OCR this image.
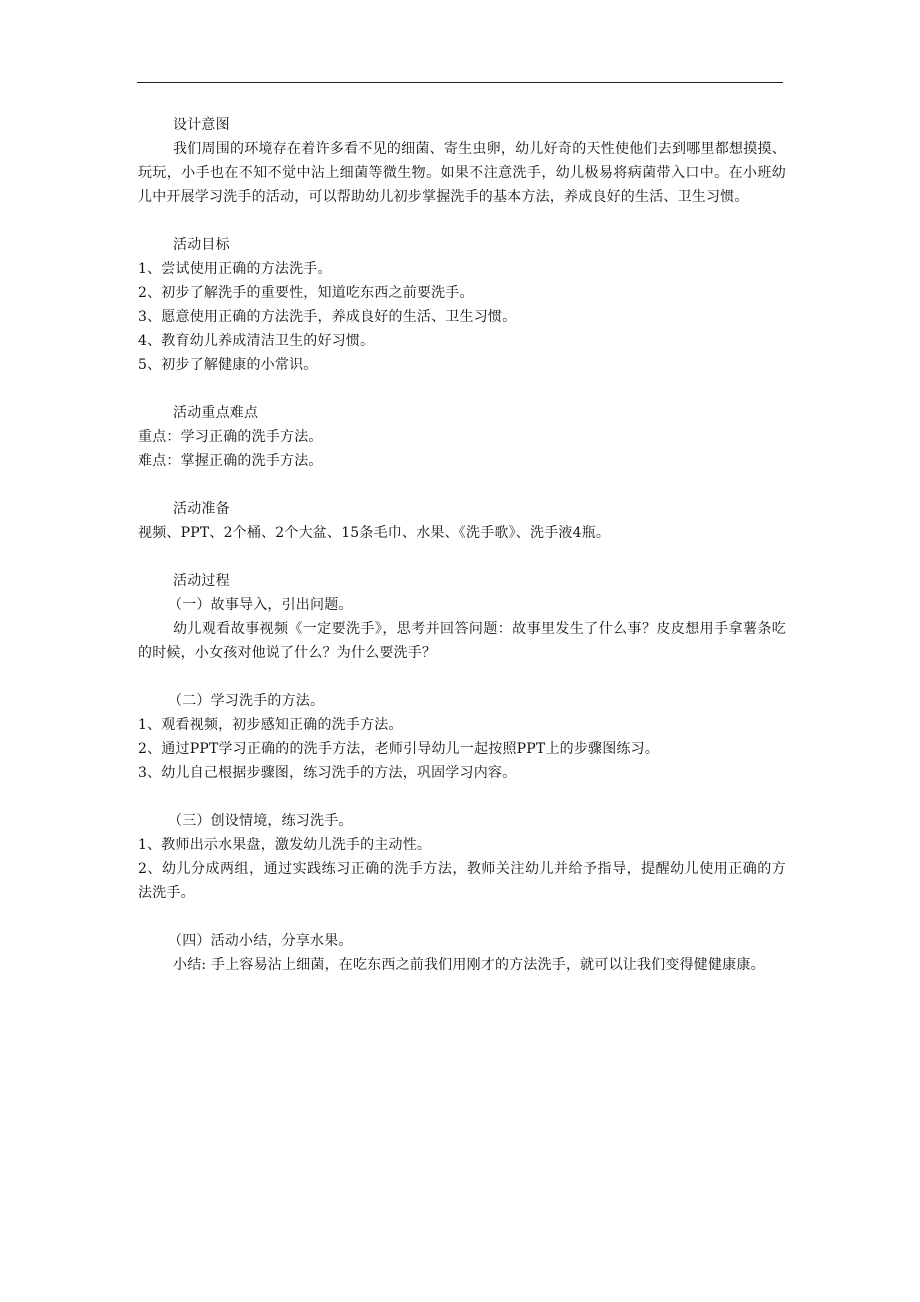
设计意图

我们周围的环境存在着许多看不见的细菌、寄生虫卵，幼儿好奇的天性使他们去到哪里都想摸摸、玩玩，小手也在不知不觉中沾上细菌等微生物。如果不注意洗手，幼儿极易将病菌带入口中。在小班幼儿中开展学习洗手的活动，可以帮助幼儿初步掌握洗手的基本方法，养成良好的生活、卫生习惯。

活动目标

1、尝试使用正确的方法洗手。

2、初步了解洗手的重要性，知道吃东西之前要洗手。

3、愿意使用正确的方法洗手，养成良好的生活、卫生习惯。

4、教育幼儿养成清洁卫生的好习惯。

5、初步了解健康的小常识。

活动重点难点

重点：学习正确的洗手方法。

难点：掌握正确的洗手方法。

活动准备

视频、PPT、2个桶、2个大盆、15条毛巾、水果、《洗手歌》、洗手液4瓶。

活动过程

（一）故事导入，引出问题。

幼儿观看故事视频《一定要洗手》，思考并回答问题：故事里发生了什么事？皮皮想用手拿薯条吃的时候，小女孩对他说了什么？为什么要洗手？

（二）学习洗手的方法。

1、观看视频，初步感知正确的洗手方法。

2、通过PPT学习正确的的洗手方法，老师引导幼儿一起按照PPT上的步骤图练习。

3、幼儿自己根据步骤图，练习洗手的方法，巩固学习内容。

（三）创设情境，练习洗手。

1、教师出示水果盘，激发幼儿洗手的主动性。

2、幼儿分成两组，通过实践练习正确的洗手方法，教师关注幼儿并给予指导，提醒幼儿使用正确的方法洗手。

（四）活动小结，分享水果。

小结: 手上容易沾上细菌，在吃东西之前我们用刚才的方法洗手，就可以让我们变得健健康康。
